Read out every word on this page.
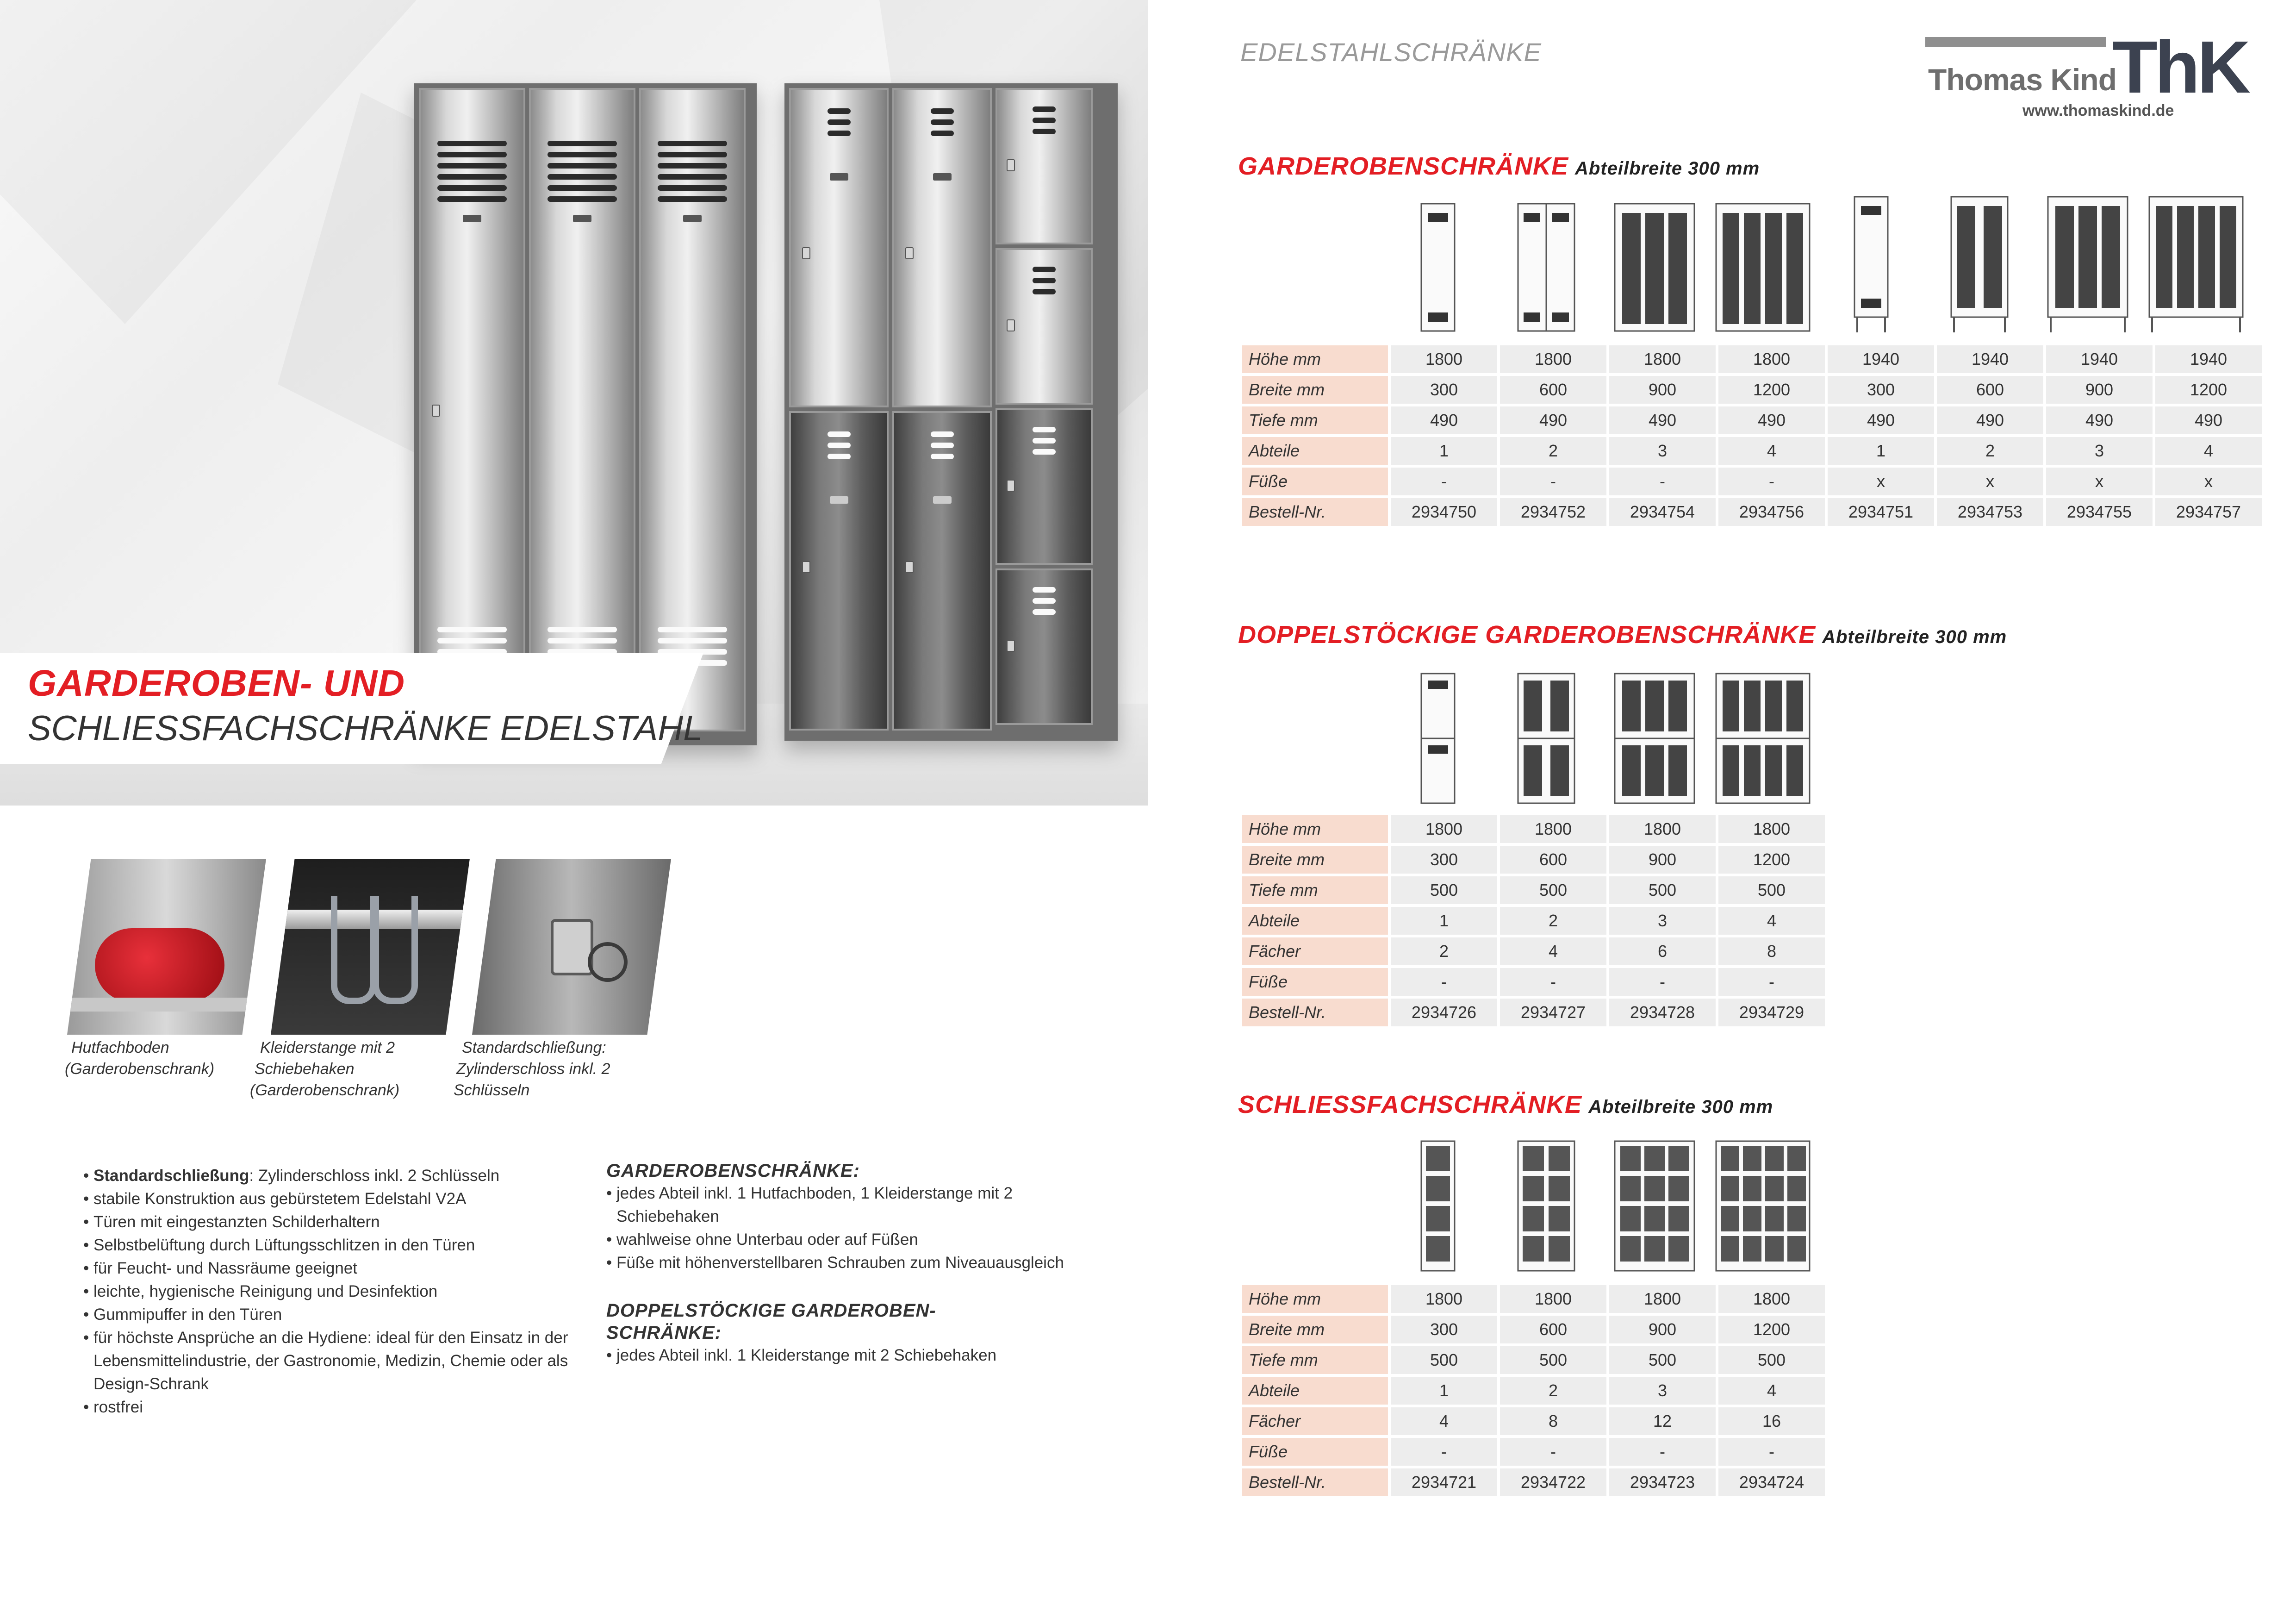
GARDEROBEN- UND
SCHLIESSFACHSCHRÄNKE EDELSTAHL
Hutfachboden
(Garderobenschrank)
Kleiderstange mit 2
Schiebehaken
(Garderobenschrank)
Standardschließung:
Zylinderschloss inkl. 2
Schlüsseln
• Standardschließung: Zylinderschloss inkl. 2 Schlüsseln
• stabile Konstruktion aus gebürstetem Edelstahl V2A
• Türen mit eingestanzten Schilderhaltern
• Selbstbelüftung durch Lüftungsschlitzen in den Türen
• für Feucht- und Nassräume geeignet
• leichte, hygienische Reinigung und Desinfektion
• Gummipuffer in den Türen
• für höchste Ansprüche an die Hydiene: ideal für den Einsatz in der Lebensmittelindustrie, der Gastronomie, Medizin, Chemie oder als Design-Schrank
• rostfrei
GARDEROBENSCHRÄNKE:
• jedes Abteil inkl. 1 Hutfachboden, 1 Kleiderstange mit 2 Schiebehaken
• wahlweise ohne Unterbau oder auf Füßen
• Füße mit höhenverstellbaren Schrauben zum Niveauausgleich
DOPPELSTÖCKIGE GARDEROBEN-
SCHRÄNKE:
• jedes Abteil inkl. 1 Kleiderstange mit 2 Schiebehaken
EDELSTAHLSCHRÄNKE
Thomas Kind
ThK
www.thomaskind.de
GARDEROBENSCHRÄNKE Abteilbreite 300 mm
Höhe mm	1800	1800	1800	1800	1940	1940	1940	1940
Breite mm	300	600	900	1200	300	600	900	1200
Tiefe mm	490	490	490	490	490	490	490	490
Abteile	1	2	3	4	1	2	3	4
Füße	-	-	-	-	x	x	x	x
Bestell-Nr.	2934750	2934752	2934754	2934756	2934751	2934753	2934755	2934757
DOPPELSTÖCKIGE GARDEROBENSCHRÄNKE Abteilbreite 300 mm
Höhe mm	1800	1800	1800	1800
Breite mm	300	600	900	1200
Tiefe mm	500	500	500	500
Abteile	1	2	3	4
Fächer	2	4	6	8
Füße	-	-	-	-
Bestell-Nr.	2934726	2934727	2934728	2934729
SCHLIESSFACHSCHRÄNKE Abteilbreite 300 mm
Höhe mm	1800	1800	1800	1800
Breite mm	300	600	900	1200
Tiefe mm	500	500	500	500
Abteile	1	2	3	4
Fächer	4	8	12	16
Füße	-	-	-	-
Bestell-Nr.	2934721	2934722	2934723	2934724
